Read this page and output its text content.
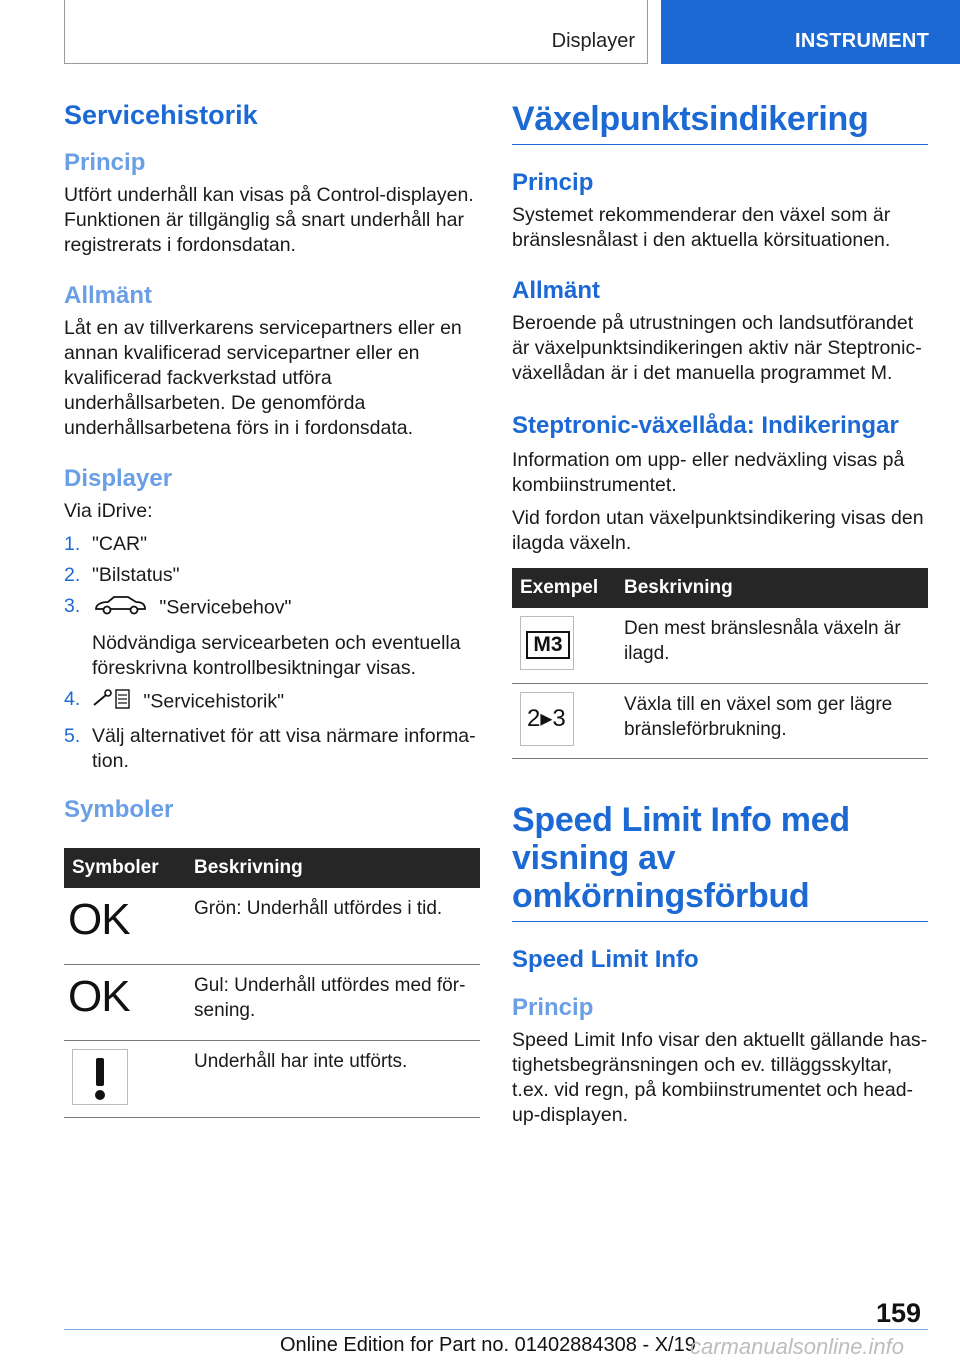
Displayer	INSTRUMENT
Servicehistorik
Princip

Utfört underhåll kan visas på Control-displayen. Funktionen är tillgänglig så snart underhåll har registrerats i fordonsdatan.

Allmänt

Låt en av tillverkarens servicepartners eller en annan kvalificerad servicepartner eller en kvalificerad fackverkstad utföra underhållsarbeten. De genomförda underhållsarbetena förs in i fordonsdata.

Displayer

Via iDrive:

1. "CAR"
2. "Bilstatus"
3.	"Servicebehov"
Nödvändiga servicearbeten och eventuella föreskrivna kontrollbesiktningar visas.
4.	"Servicehistorik"
5. Välj alternativet för att visa närmare information.
Symboler
Symboler	Beskrivning
OK	Grön: Underhåll utfördes i tid.
OK	Gul: Underhåll utfördes med försening.

	Underhåll har inte utförts.
Växelpunktsindikering
Princip

Systemet rekommenderar den växel som är bränslesnålast i den aktuella körsituationen.

Allmänt

Beroende på utrustningen och landsutförandet är växelpunktsindikeringen aktiv när Steptronic-växellådan är i det manuella programmet M.

Steptronic-växellåda: Indikeringar

Information om upp- eller nedväxling visas på kombiinstrumentet.

Vid fordon utan växelpunktsindikering visas den ilagda växeln.

Exempel	Beskrivning

M3	Den mest bränslesnåla växeln är ilagd.

2▸3	Växla till en växel som ger lägre bränsleförbrukning.
Speed Limit Info med visning av omkörningsförbud
Speed Limit Info
Princip

Speed Limit Info visar den aktuellt gällande hastighetsbegränsningen och ev. tilläggsskyltar, t.ex. vid regn, på kombiinstrumentet och head-up-displayen.

159
Online Edition for Part no. 01402884308 - X/19
carmanualsonline.info
